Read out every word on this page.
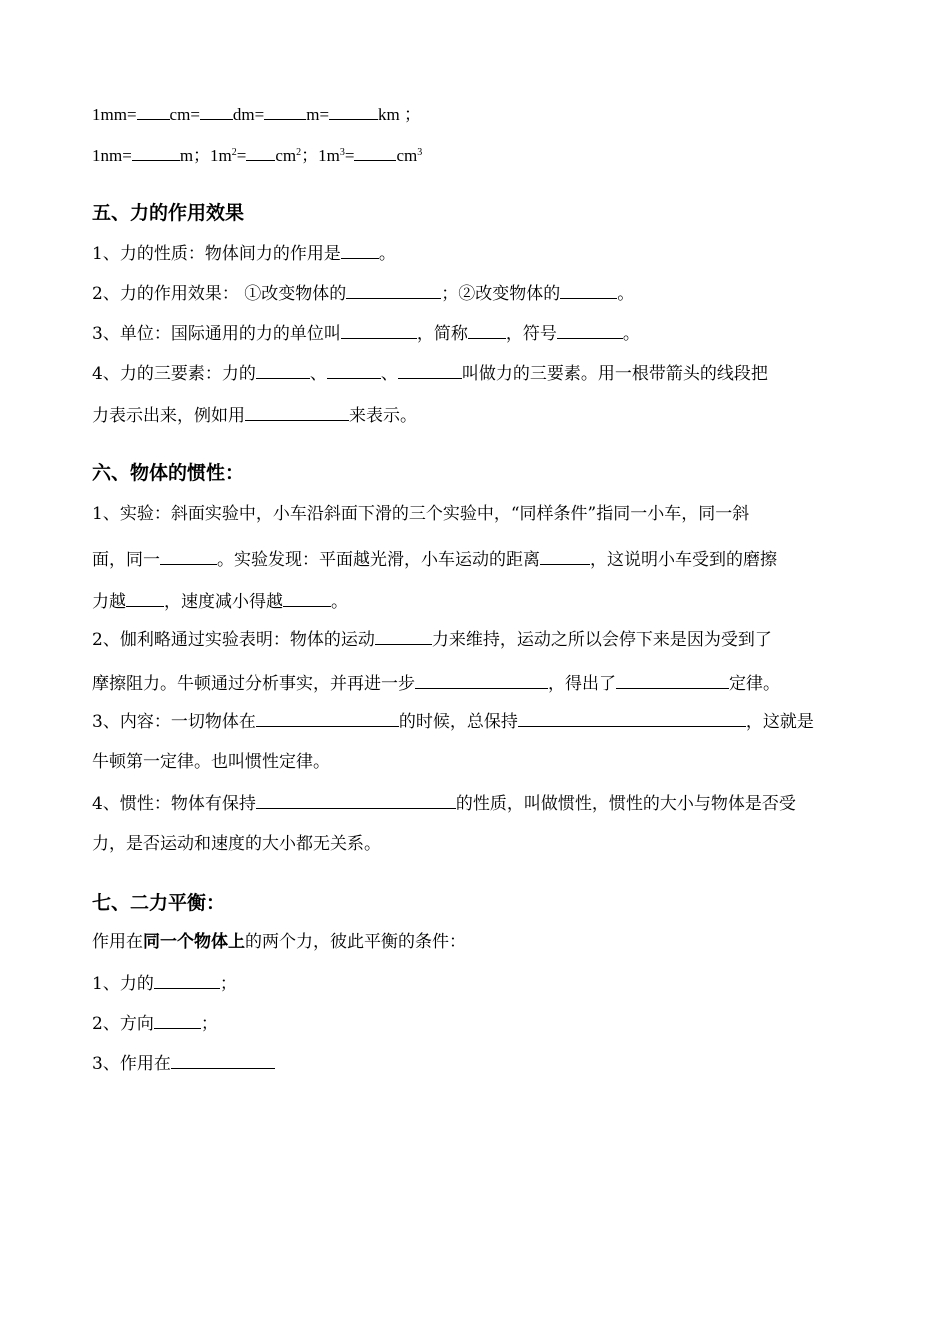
1mm= cm= dm= m=	km ；
1nm=	m；$1m^2= cm^2$；$1m^3= cm^3$
五、力的作用效果
1、力的性质：物体间力的作用是 。
2、力的作用效果： ①改变物体的	；②改变物体的	。
3、单位：国际通用的力的单位叫	，简称 ，符号	。
4、力的三要素：力的	、	、	叫做力的三要素。用一根带箭头的线段把
力表示出来，例如用	来表示。
六、物体的惯性：
1、实验：斜面实验中，小车沿斜面下滑的三个实验中，“同样条件”指同一小车，同一斜
面，同一	。实验发现：平面越光滑，小车运动的距离	，这说明小车受到的磨擦
力越 ，速度减小得越	。
2、伽利略通过实验表明：物体的运动	力来维持，运动之所以会停下来是因为受到了
摩擦阻力。牛顿通过分析事实，并再进一步	，得出了	定律。
3、内容：一切物体在	的时候，总保持	，这就是
牛顿第一定律。也叫惯性定律。
4、惯性：物体有保持	的性质，叫做惯性，惯性的大小与物体是否受
力，是否运动和速度的大小都无关系。
七、二力平衡：
作用在同一个物体上的两个力，彼此平衡的条件：
1、力的	；
2、方向	；
3、作用在
